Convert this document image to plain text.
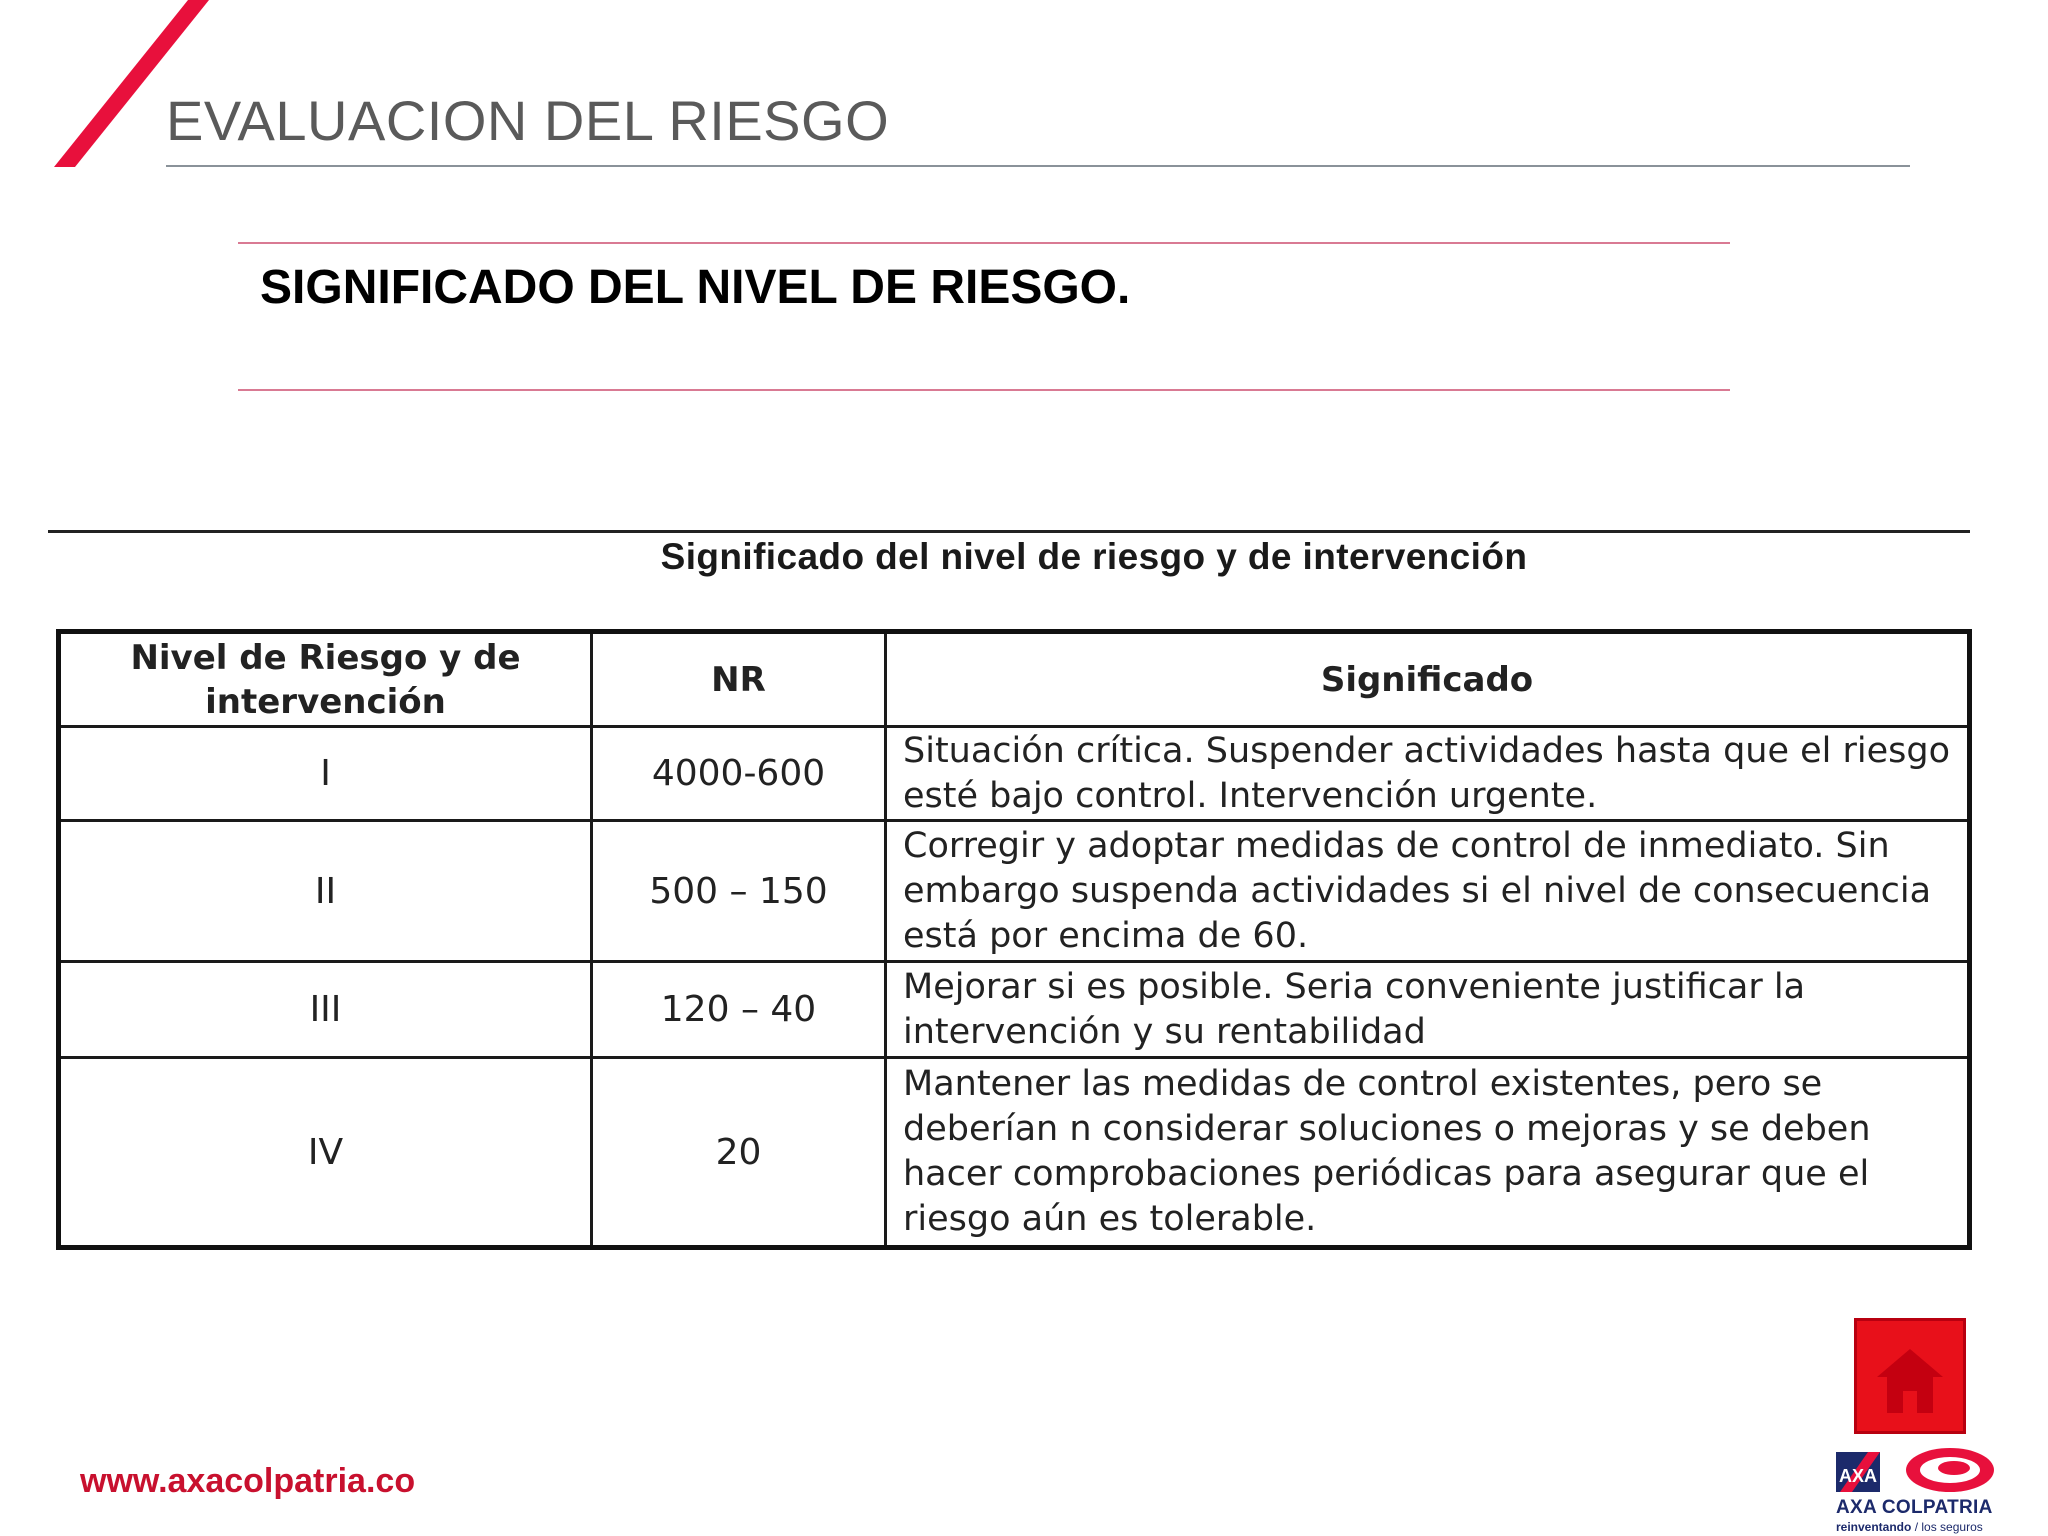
EVALUACION DEL RIESGO
SIGNIFICADO DEL NIVEL DE RIESGO.
Significado del nivel de riesgo y de intervención
Nivel de Riesgo y de intervención	NR	Significado
I	4000-600	Situación crítica. Suspender actividades hasta que el riesgo esté bajo control. Intervención urgente.
II	500 – 150	Corregir y adoptar medidas de control de inmediato. Sin embargo suspenda actividades si el nivel de consecuencia está por encima de 60.
III	120 – 40	Mejorar si es posible. Seria conveniente justificar la intervención y su rentabilidad
IV	20	Mantener las medidas de control existentes, pero se deberían n considerar soluciones o mejoras y se deben hacer comprobaciones periódicas para asegurar que el riesgo aún es tolerable.
www.axacolpatria.co	AXA
AXA COLPATRIA
reinventando / los seguros
